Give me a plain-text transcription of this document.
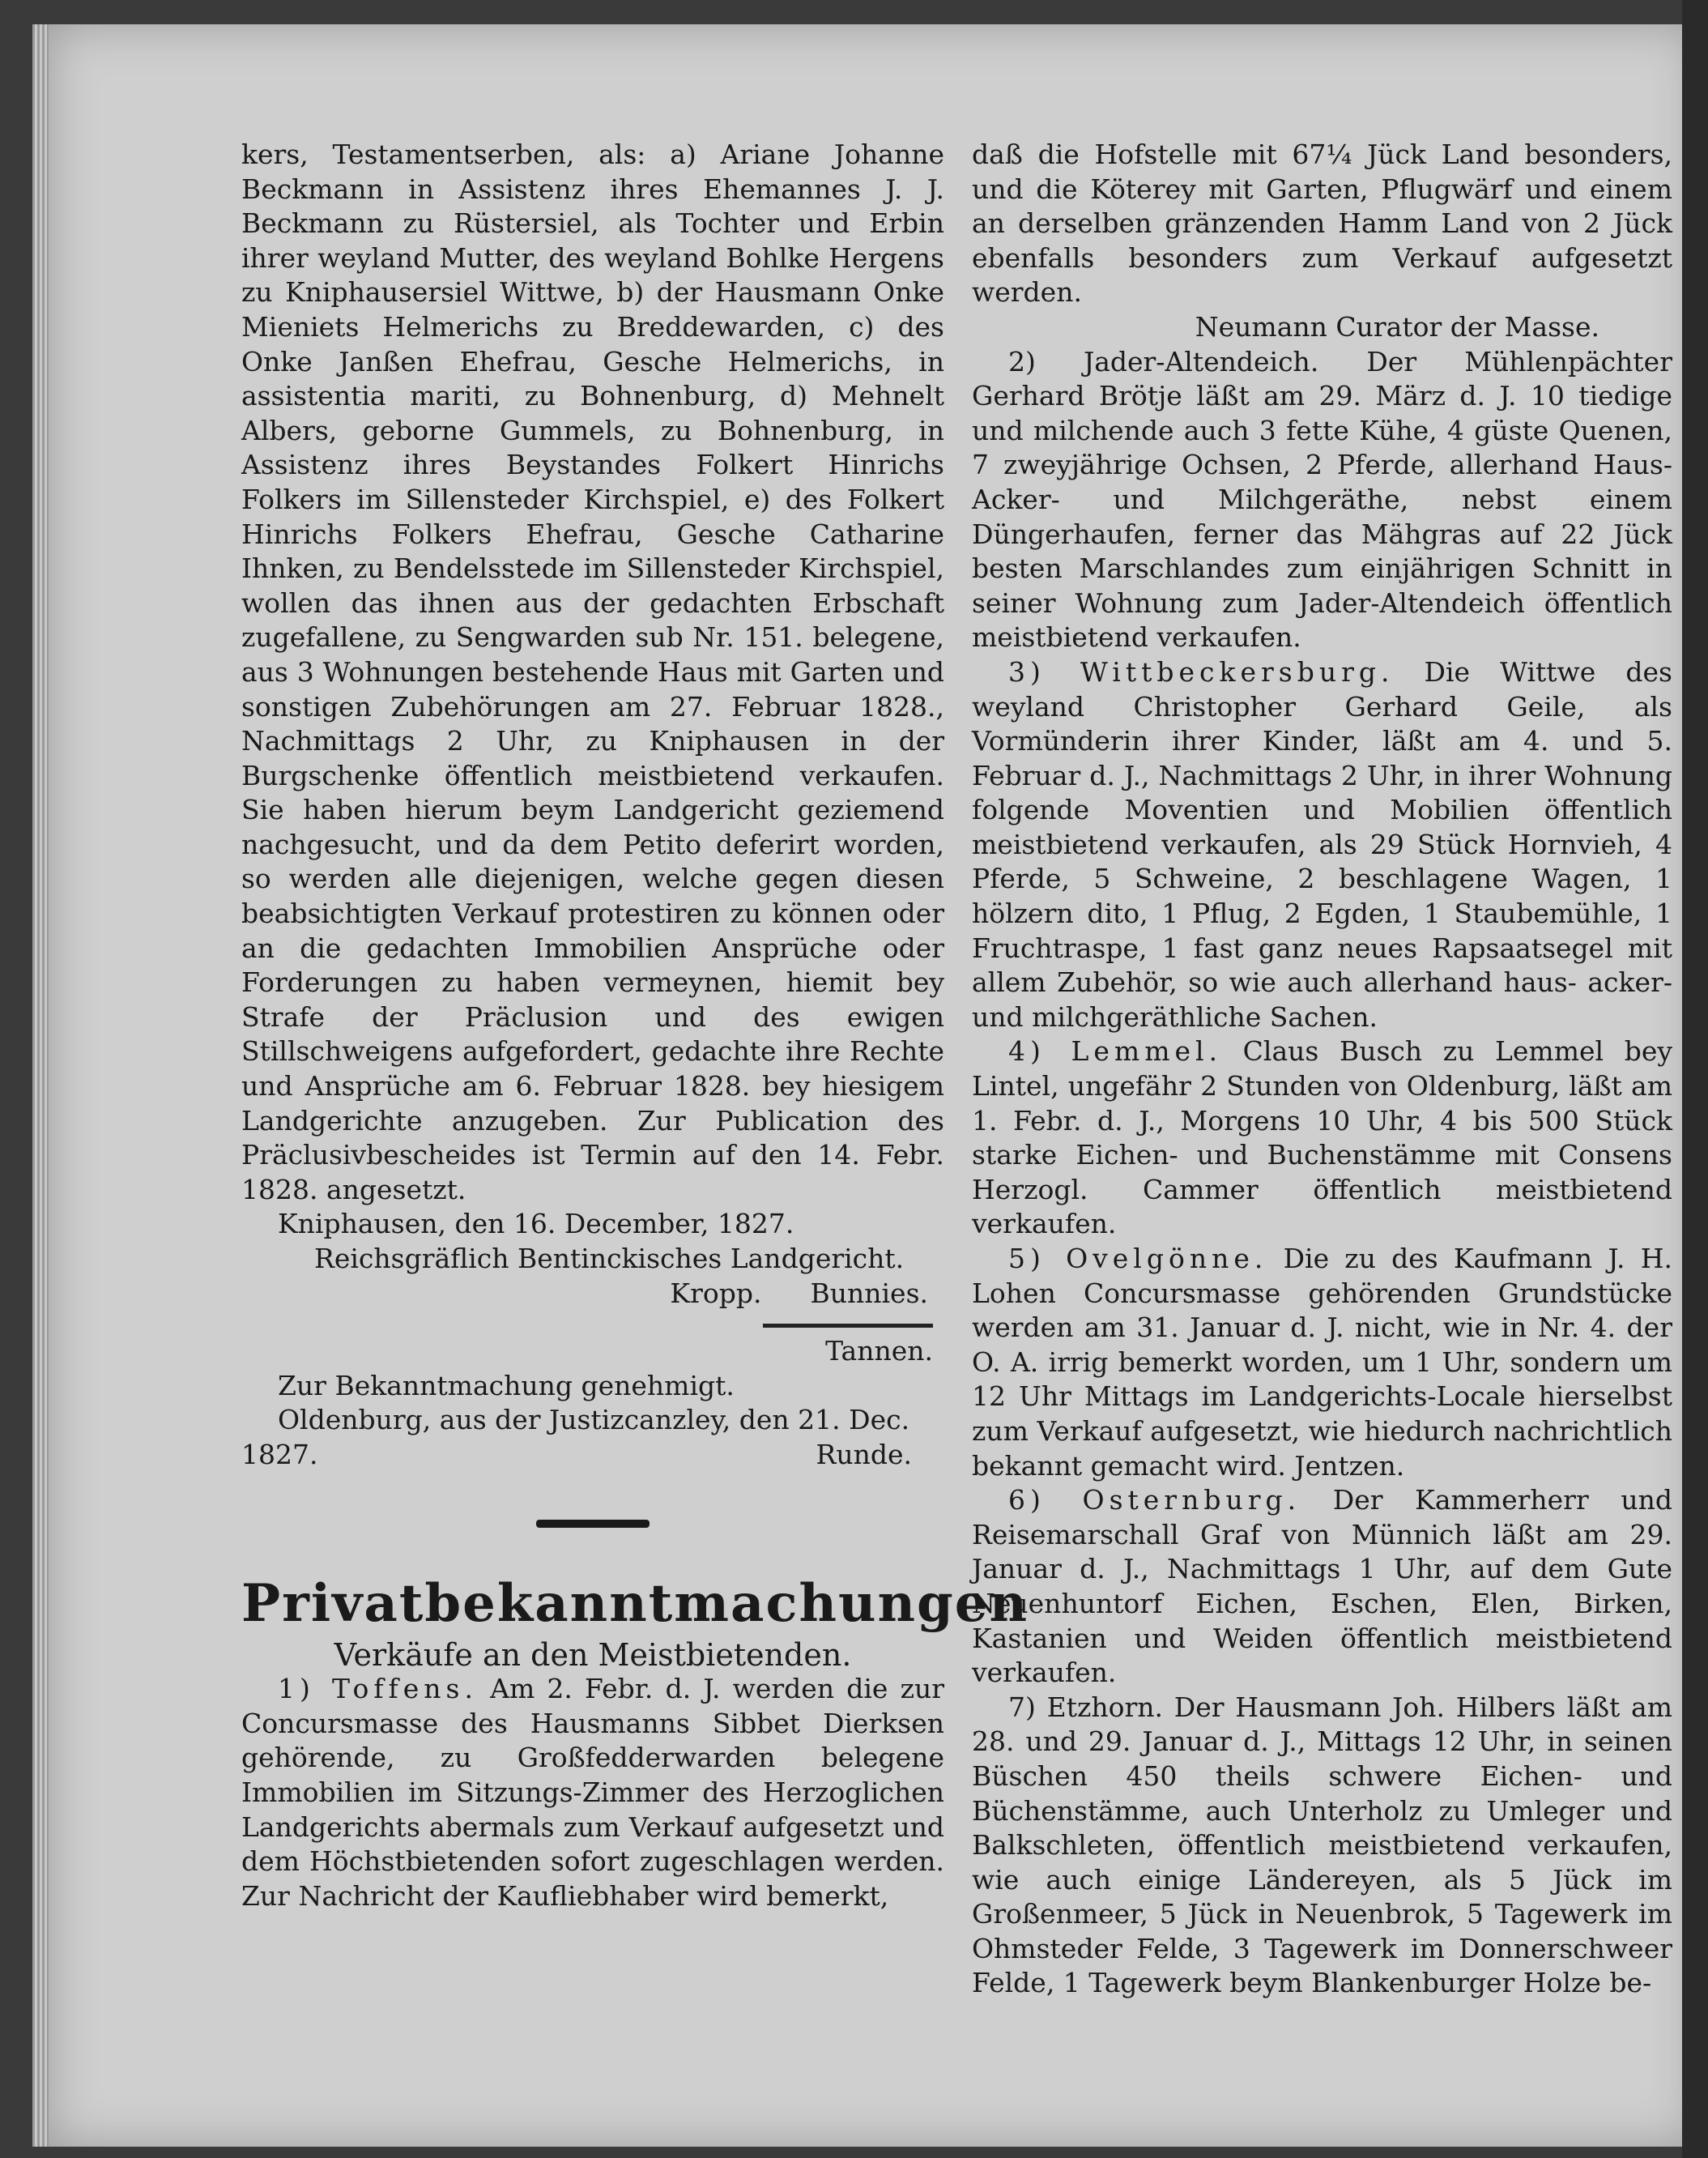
kers, Testamentserben, als: a) Ariane Johanne Beckmann in Assistenz ihres Ehemannes J. J. Beckmann zu Rüstersiel, als Tochter und Erbin ihrer weyland Mutter, des weyland Bohlke Hergens zu Kniphausersiel Wittwe, b) der Hausmann Onke Mieniets Helmerichs zu Breddewarden, c) des Onke Janßen Ehefrau, Gesche Helmerichs, in assistentia mariti, zu Bohnenburg, d) Mehnelt Albers, geborne Gummels, zu Bohnenburg, in Assistenz ihres Beystandes Folkert Hinrichs Folkers im Sillensteder Kirchspiel, e) des Folkert Hinrichs Folkers Ehefrau, Gesche Catharine Ihnken, zu Bendelsstede im Sillensteder Kirchspiel, wollen das ihnen aus der gedachten Erbschaft zugefallene, zu Sengwarden sub Nr. 151. belegene, aus 3 Wohnungen bestehende Haus mit Garten und sonstigen Zubehörungen am 27. Februar 1828., Nachmittags 2 Uhr, zu Kniphausen in der Burgschenke öffentlich meistbietend verkaufen. Sie haben hierum beym Landgericht geziemend nachgesucht, und da dem Petito deferirt worden, so werden alle diejenigen, welche gegen diesen beabsichtigten Verkauf protestiren zu können oder an die gedachten Immobilien Ansprüche oder Forderungen zu haben vermeynen, hiemit bey Strafe der Präclusion und des ewigen Stillschweigens aufgefordert, gedachte ihre Rechte und Ansprüche am 6. Februar 1828. bey hiesigem Landgerichte anzugeben. Zur Publication des Präclusivbescheides ist Termin auf den 14. Febr. 1828. angesetzt.

Kniphausen, den 16. December, 1827.

Reichsgräflich Bentinckisches Landgericht.

Kropp. Bunnies.

Tannen.

Zur Bekanntmachung genehmigt.

Oldenburg, aus der Justizcanzley, den 21. Dec.

1827.	Runde.

Privatbekanntmachungen

Verkäufe an den Meistbietenden.

1) Toffens. Am 2. Febr. d. J. werden die zur Concursmasse des Hausmanns Sibbet Dierksen gehörende, zu Großfedderwarden belegene Immobilien im Sitzungs-Zimmer des Herzoglichen Landgerichts abermals zum Verkauf aufgesetzt und dem Höchstbietenden sofort zugeschlagen werden. Zur Nachricht der Kaufliebhaber wird bemerkt,

daß die Hofstelle mit 67¼ Jück Land besonders, und die Köterey mit Garten, Pflugwärf und einem an derselben gränzenden Hamm Land von 2 Jück ebenfalls besonders zum Verkauf aufgesetzt werden.

Neumann Curator der Masse.

2) Jader-Altendeich. Der Mühlenpächter Gerhard Brötje läßt am 29. März d. J. 10 tiedige und milchende auch 3 fette Kühe, 4 güste Quenen, 7 zweyjährige Ochsen, 2 Pferde, allerhand Haus- Acker- und Milchgeräthe, nebst einem Düngerhaufen, ferner das Mähgras auf 22 Jück besten Marschlandes zum einjährigen Schnitt in seiner Wohnung zum Jader-Altendeich öffentlich meistbietend verkaufen.

3) Wittbeckersburg. Die Wittwe des weyland Christopher Gerhard Geile, als Vormünderin ihrer Kinder, läßt am 4. und 5. Februar d. J., Nachmittags 2 Uhr, in ihrer Wohnung folgende Moventien und Mobilien öffentlich meistbietend verkaufen, als 29 Stück Hornvieh, 4 Pferde, 5 Schweine, 2 beschlagene Wagen, 1 hölzern dito, 1 Pflug, 2 Egden, 1 Staubemühle, 1 Fruchtraspe, 1 fast ganz neues Rapsaatsegel mit allem Zubehör, so wie auch allerhand haus- acker- und milchgeräthliche Sachen.

4) Lemmel. Claus Busch zu Lemmel bey Lintel, ungefähr 2 Stunden von Oldenburg, läßt am 1. Febr. d. J., Morgens 10 Uhr, 4 bis 500 Stück starke Eichen- und Buchenstämme mit Consens Herzogl. Cammer öffentlich meistbietend verkaufen.

5) Ovelgönne. Die zu des Kaufmann J. H. Lohen Concursmasse gehörenden Grundstücke werden am 31. Januar d. J. nicht, wie in Nr. 4. der O. A. irrig bemerkt worden, um 1 Uhr, sondern um 12 Uhr Mittags im Landgerichts-Locale hierselbst zum Verkauf aufgesetzt, wie hiedurch nachrichtlich bekannt gemacht wird. Jentzen.

6) Osternburg. Der Kammerherr und Reisemarschall Graf von Münnich läßt am 29. Januar d. J., Nachmittags 1 Uhr, auf dem Gute Neuenhuntorf Eichen, Eschen, Elen, Birken, Kastanien und Weiden öffentlich meistbietend verkaufen.

7) Etzhorn. Der Hausmann Joh. Hilbers läßt am 28. und 29. Januar d. J., Mittags 12 Uhr, in seinen Büschen 450 theils schwere Eichen- und Büchenstämme, auch Unterholz zu Umleger und Balkschleten, öffentlich meistbietend verkaufen, wie auch einige Ländereyen, als 5 Jück im Großenmeer, 5 Jück in Neuenbrok, 5 Tagewerk im Ohmsteder Felde, 3 Tagewerk im Donnerschweer Felde, 1 Tagewerk beym Blankenburger Holze be-
